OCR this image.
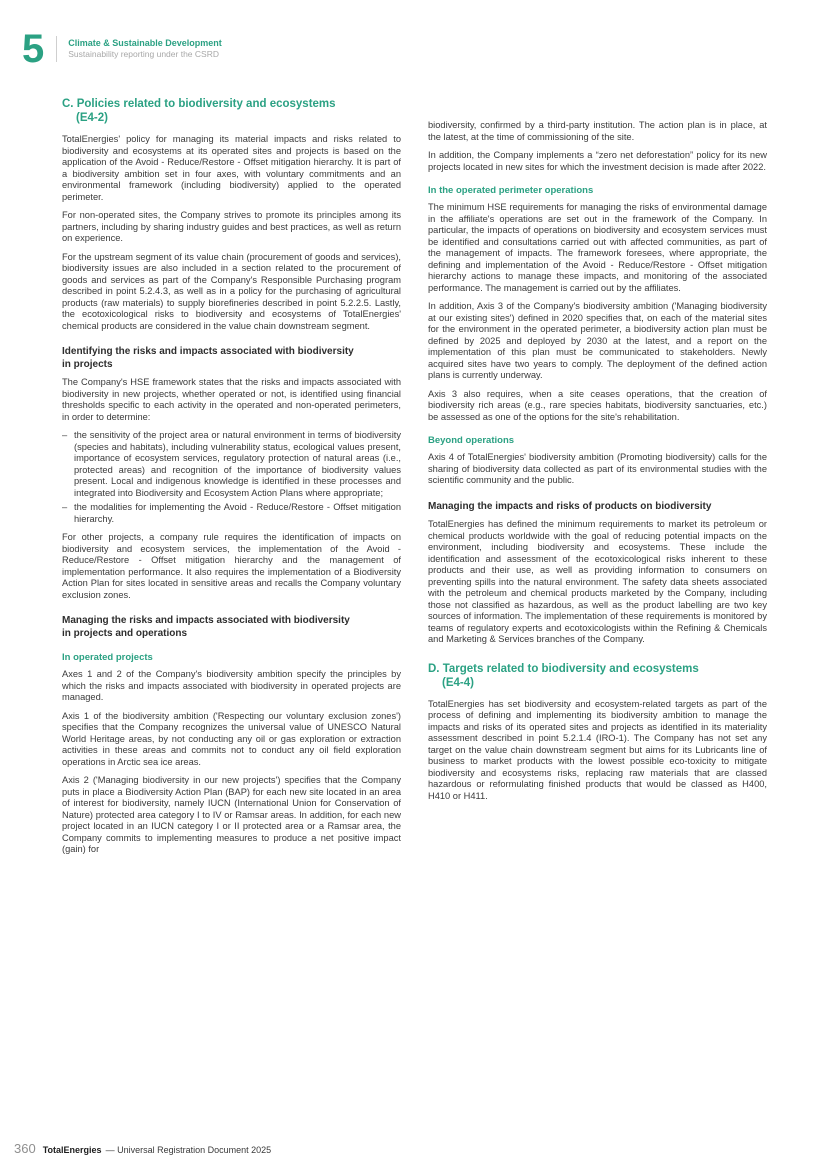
5	Climate & Sustainable Development
Sustainability reporting under the CSRD
C. Policies related to biodiversity and ecosystems
(E4-2)

TotalEnergies' policy for managing its material impacts and risks related to biodiversity and ecosystems at its operated sites and projects is based on the application of the Avoid - Reduce/Restore - Offset mitigation hierarchy. It is part of a biodiversity ambition set in four axes, with voluntary commitments and an environmental framework (including biodiversity) applied to the operated perimeter.

For non-operated sites, the Company strives to promote its principles among its partners, including by sharing industry guides and best practices, as well as return on experience.

For the upstream segment of its value chain (procurement of goods and services), biodiversity issues are also included in a section related to the procurement of goods and services as part of the Company's Responsible Purchasing program described in point 5.2.4.3, as well as in a policy for the purchasing of agricultural products (raw materials) to supply biorefineries described in point 5.2.2.5. Lastly, the ecotoxicological risks to biodiversity and ecosystems of TotalEnergies' chemical products are considered in the value chain downstream segment.

Identifying the risks and impacts associated with biodiversity in projects

The Company's HSE framework states that the risks and impacts associated with biodiversity in new projects, whether operated or not, is identified using financial thresholds specific to each activity in the operated and non-operated perimeters, in order to determine:

– the sensitivity of the project area or natural environment in terms of biodiversity (species and habitats), including vulnerability status, ecological values present, importance of ecosystem services, regulatory protection of natural areas (i.e., protected areas) and recognition of the importance of biodiversity values present. Local and indigenous knowledge is identified in these processes and integrated into Biodiversity and Ecosystem Action Plans where appropriate;
– the modalities for implementing the Avoid - Reduce/Restore - Offset mitigation hierarchy.

For other projects, a company rule requires the identification of impacts on biodiversity and ecosystem services, the implementation of the Avoid - Reduce/Restore - Offset mitigation hierarchy and the management of implementation performance. It also requires the implementation of a Biodiversity Action Plan for sites located in sensitive areas and recalls the Company voluntary exclusion zones.

Managing the risks and impacts associated with biodiversity in projects and operations
In operated projects

Axes 1 and 2 of the Company's biodiversity ambition specify the principles by which the risks and impacts associated with biodiversity in operated projects are managed.

Axis 1 of the biodiversity ambition ('Respecting our voluntary exclusion zones') specifies that the Company recognizes the universal value of UNESCO Natural World Heritage areas, by not conducting any oil or gas exploration or extraction activities in these areas and commits not to conduct any oil field exploration operations in Arctic sea ice areas.

Axis 2 ('Managing biodiversity in our new projects') specifies that the Company puts in place a Biodiversity Action Plan (BAP) for each new site located in an area of interest for biodiversity, namely IUCN (International Union for Conservation of Nature) protected area category I to IV or Ramsar areas. In addition, for each new project located in an IUCN category I or II protected area or a Ramsar area, the Company commits to implementing measures to produce a net positive impact (gain) for

biodiversity, confirmed by a third-party institution. The action plan is in place, at the latest, at the time of commissioning of the site.

In addition, the Company implements a “zero net deforestation” policy for its new projects located in new sites for which the investment decision is made after 2022.

In the operated perimeter operations

The minimum HSE requirements for managing the risks of environmental damage in the affiliate's operations are set out in the framework of the Company. In particular, the impacts of operations on biodiversity and ecosystem services must be identified and consultations carried out with affected communities, as part of the management of impacts. The framework foresees, where appropriate, the defining and implementation of the Avoid - Reduce/Restore - Offset mitigation hierarchy actions to manage these impacts, and monitoring of the associated performance. The management is carried out by the affiliates.

In addition, Axis 3 of the Company's biodiversity ambition ('Managing biodiversity at our existing sites') defined in 2020 specifies that, on each of the material sites for the environment in the operated perimeter, a biodiversity action plan must be defined by 2025 and deployed by 2030 at the latest, and a report on the implementation of this plan must be communicated to stakeholders. Newly acquired sites have two years to comply. The deployment of the defined action plans is currently underway.

Axis 3 also requires, when a site ceases operations, that the creation of biodiversity rich areas (e.g., rare species habitats, biodiversity sanctuaries, etc.) be assessed as one of the options for the site's rehabilitation.

Beyond operations

Axis 4 of TotalEnergies' biodiversity ambition (Promoting biodiversity) calls for the sharing of biodiversity data collected as part of its environmental studies with the scientific community and the public.

Managing the impacts and risks of products on biodiversity

TotalEnergies has defined the minimum requirements to market its petroleum or chemical products worldwide with the goal of reducing potential impacts on the environment, including biodiversity and ecosystems. These include the identification and assessment of the ecotoxicological risks inherent to these products and their use, as well as providing information to consumers on preventing spills into the natural environment. The safety data sheets associated with the petroleum and chemical products marketed by the Company, including those not classified as hazardous, as well as the product labelling are two key sources of information. The implementation of these requirements is monitored by teams of regulatory experts and ecotoxicologists within the Refining & Chemicals and Marketing & Services branches of the Company.

D. Targets related to biodiversity and ecosystems
(E4-4)

TotalEnergies has set biodiversity and ecosystem-related targets as part of the process of defining and implementing its biodiversity ambition to manage the impacts and risks of its operated sites and projects as identified in its materiality assessment described in point 5.2.1.4 (IRO-1). The Company has not set any target on the value chain downstream segment but aims for its Lubricants line of business to market products with the lowest possible eco-toxicity to mitigate biodiversity and ecosystems risks, replacing raw materials that are classed hazardous or reformulating finished products that would be classed as H400, H410 or H411.

360 TotalEnergies — Universal Registration Document 2025
